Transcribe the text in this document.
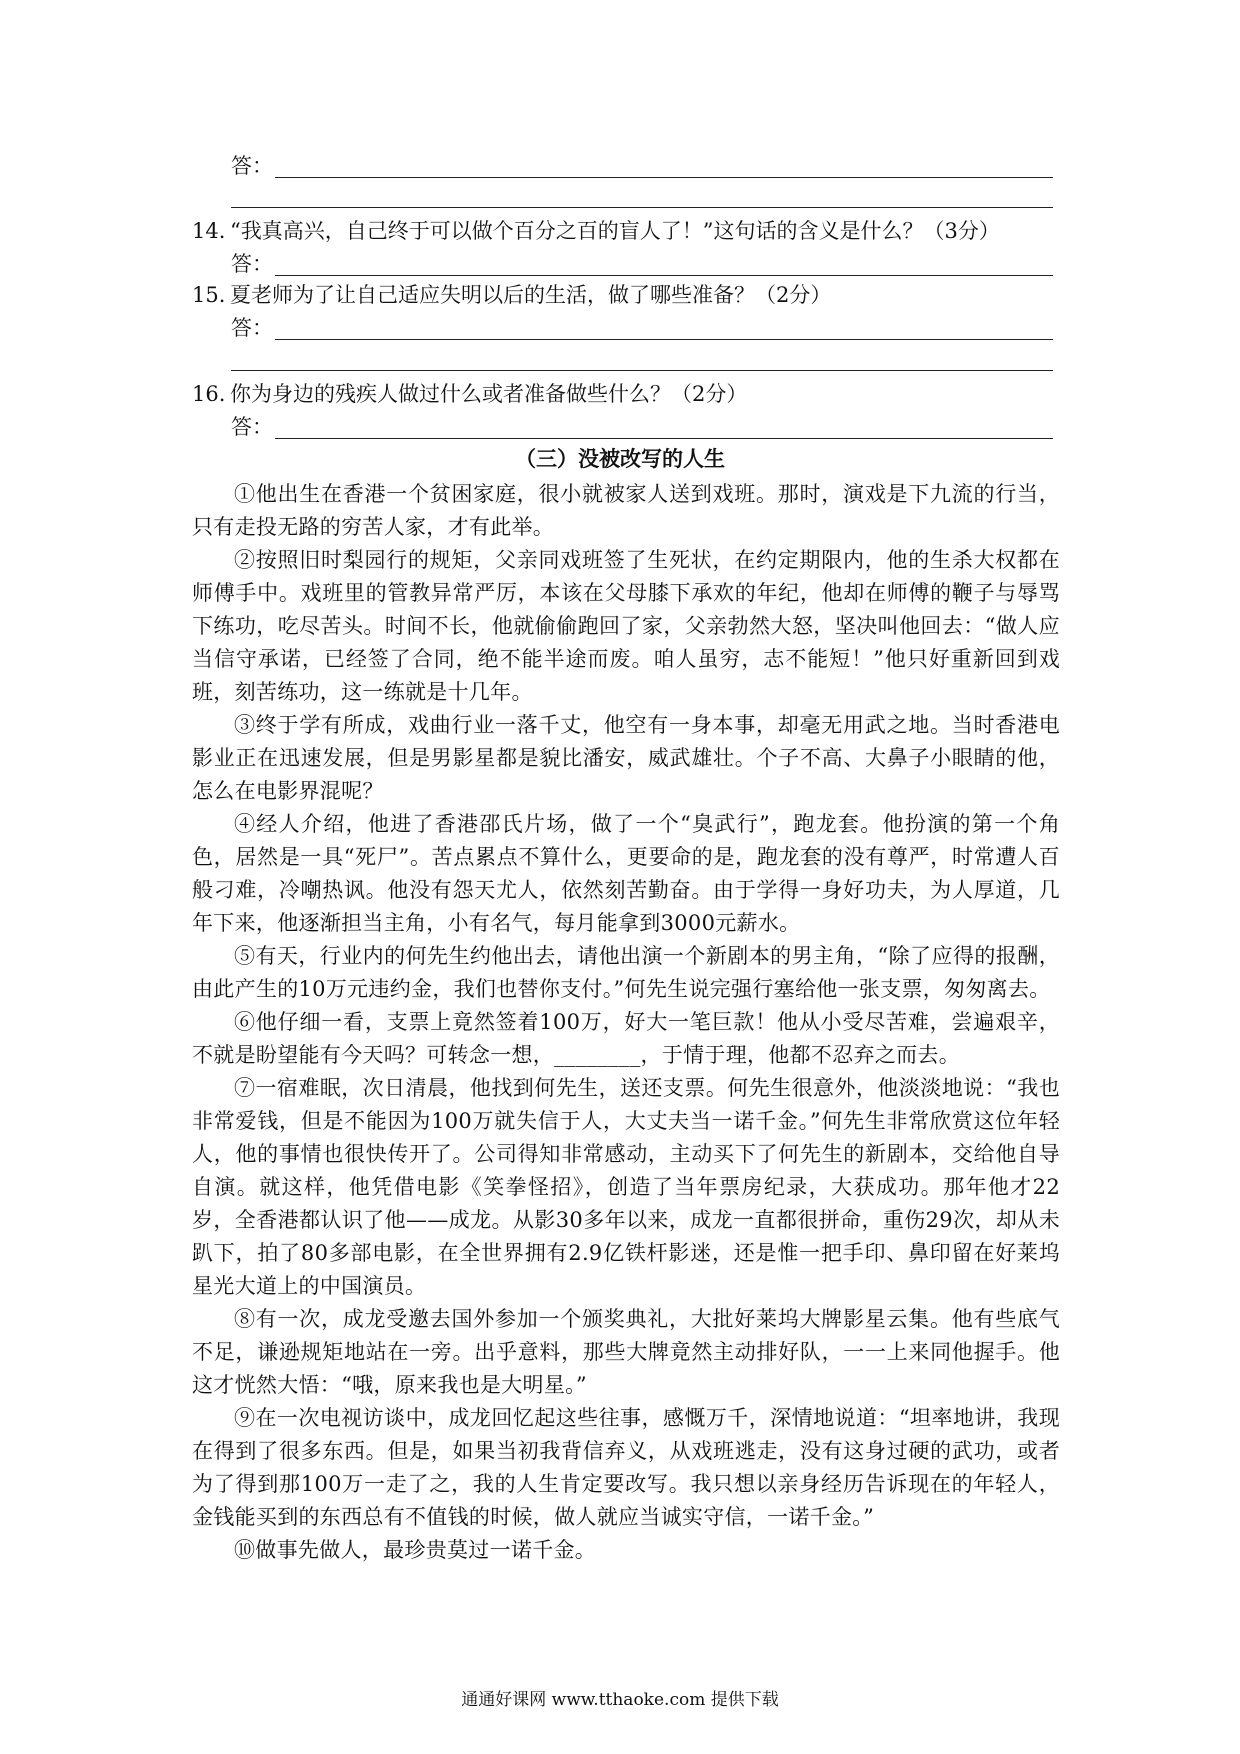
答：
14. “我真高兴，自己终于可以做个百分之百的盲人了！”这句话的含义是什么？（3分）
答：
15. 夏老师为了让自己适应失明以后的生活，做了哪些准备？（2分）
答：
16. 你为身边的残疾人做过什么或者准备做些什么？（2分）
答：
（三）没被改写的人生

①他出生在香港一个贫困家庭，很小就被家人送到戏班。那时，演戏是下九流的行当，只有走投无路的穷苦人家，才有此举。

②按照旧时梨园行的规矩，父亲同戏班签了生死状，在约定期限内，他的生杀大权都在师傅手中。戏班里的管教异常严厉，本该在父母膝下承欢的年纪，他却在师傅的鞭子与辱骂下练功，吃尽苦头。时间不长，他就偷偷跑回了家，父亲勃然大怒，坚决叫他回去：“做人应当信守承诺，已经签了合同，绝不能半途而废。咱人虽穷，志不能短！”他只好重新回到戏班，刻苦练功，这一练就是十几年。

③终于学有所成，戏曲行业一落千丈，他空有一身本事，却毫无用武之地。当时香港电影业正在迅速发展，但是男影星都是貌比潘安，威武雄壮。个子不高、大鼻子小眼睛的他，怎么在电影界混呢？

④经人介绍，他进了香港邵氏片场，做了一个“臭武行”，跑龙套。他扮演的第一个角色，居然是一具“死尸”。苦点累点不算什么，更要命的是，跑龙套的没有尊严，时常遭人百般刁难，冷嘲热讽。他没有怨天尤人，依然刻苦勤奋。由于学得一身好功夫，为人厚道，几年下来，他逐渐担当主角，小有名气，每月能拿到3000元薪水。

⑤有天，行业内的何先生约他出去，请他出演一个新剧本的男主角，“除了应得的报酬，由此产生的10万元违约金，我们也替你支付。”何先生说完强行塞给他一张支票，匆匆离去。

⑥他仔细一看，支票上竟然签着100万，好大一笔巨款！他从小受尽苦难，尝遍艰辛，不就是盼望能有今天吗？可转念一想，________，于情于理，他都不忍弃之而去。

⑦一宿难眠，次日清晨，他找到何先生，送还支票。何先生很意外，他淡淡地说：“我也非常爱钱，但是不能因为100万就失信于人，大丈夫当一诺千金。”何先生非常欣赏这位年轻人，他的事情也很快传开了。公司得知非常感动，主动买下了何先生的新剧本，交给他自导自演。就这样，他凭借电影《笑拳怪招》，创造了当年票房纪录，大获成功。那年他才22岁，全香港都认识了他——成龙。从影30多年以来，成龙一直都很拼命，重伤29次，却从未趴下，拍了80多部电影，在全世界拥有2.9亿铁杆影迷，还是惟一把手印、鼻印留在好莱坞星光大道上的中国演员。

⑧有一次，成龙受邀去国外参加一个颁奖典礼，大批好莱坞大牌影星云集。他有些底气不足，谦逊规矩地站在一旁。出乎意料，那些大牌竟然主动排好队，一一上来同他握手。他这才恍然大悟：“哦，原来我也是大明星。”

⑨在一次电视访谈中，成龙回忆起这些往事，感慨万千，深情地说道：“坦率地讲，我现在得到了很多东西。但是，如果当初我背信弃义，从戏班逃走，没有这身过硬的武功，或者为了得到那100万一走了之，我的人生肯定要改写。我只想以亲身经历告诉现在的年轻人，金钱能买到的东西总有不值钱的时候，做人就应当诚实守信，一诺千金。”

⑩做事先做人，最珍贵莫过一诺千金。

通通好课网 www.tthaoke.com 提供下载
